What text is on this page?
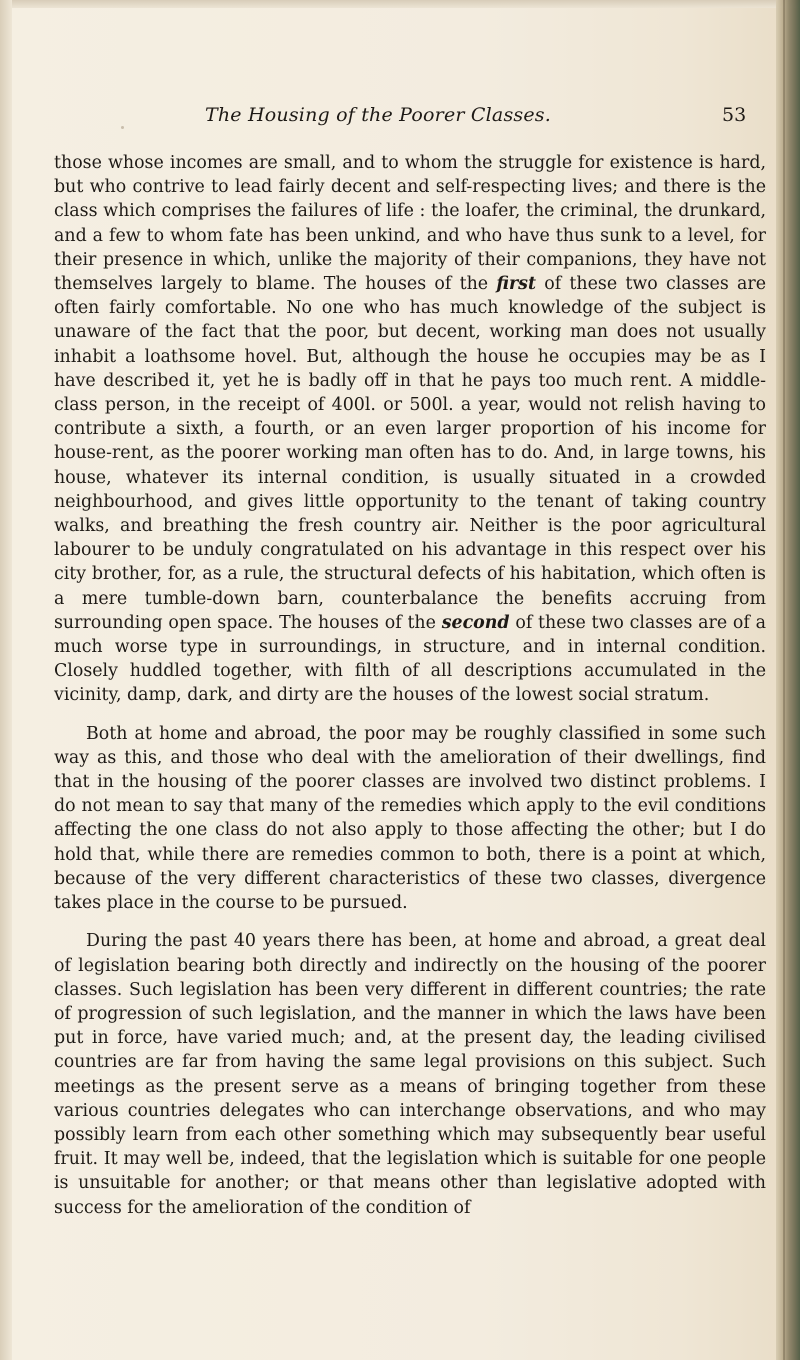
The Housing of the Poorer Classes.	53

those whose incomes are small, and to whom the struggle for existence is hard, but who contrive to lead fairly decent and self-respecting lives; and there is the class which comprises the failures of life : the loafer, the criminal, the drunkard, and a few to whom fate has been unkind, and who have thus sunk to a level, for their presence in which, unlike the majority of their companions, they have not themselves largely to blame. The houses of the first of these two classes are often fairly comfortable. No one who has much knowledge of the subject is unaware of the fact that the poor, but decent, working man does not usually inhabit a loathsome hovel. But, although the house he occupies may be as I have described it, yet he is badly off in that he pays too much rent. A middle-class person, in the receipt of 400l. or 500l. a year, would not relish having to contribute a sixth, a fourth, or an even larger proportion of his income for house-rent, as the poorer working man often has to do. And, in large towns, his house, whatever its internal condition, is usually situated in a crowded neighbourhood, and gives little opportunity to the tenant of taking country walks, and breathing the fresh country air. Neither is the poor agricultural labourer to be unduly congratulated on his advantage in this respect over his city brother, for, as a rule, the structural defects of his habitation, which often is a mere tumble-down barn, counterbalance the benefits accruing from surrounding open space. The houses of the second of these two classes are of a much worse type in surroundings, in structure, and in internal condition. Closely huddled together, with filth of all descriptions accumulated in the vicinity, damp, dark, and dirty are the houses of the lowest social stratum.

Both at home and abroad, the poor may be roughly classified in some such way as this, and those who deal with the amelioration of their dwellings, find that in the housing of the poorer classes are involved two distinct problems. I do not mean to say that many of the remedies which apply to the evil conditions affecting the one class do not also apply to those affecting the other; but I do hold that, while there are remedies common to both, there is a point at which, because of the very different characteristics of these two classes, divergence takes place in the course to be pursued.

During the past 40 years there has been, at home and abroad, a great deal of legislation bearing both directly and indirectly on the housing of the poorer classes. Such legislation has been very different in different countries; the rate of progression of such legislation, and the manner in which the laws have been put in force, have varied much; and, at the present day, the leading civilised countries are far from having the same legal provisions on this subject. Such meetings as the present serve as a means of bringing together from these various countries delegates who can interchange observations, and who may possibly learn from each other something which may subsequently bear useful fruit. It may well be, indeed, that the legislation which is suitable for one people is unsuitable for another; or that means other than legislative adopted with success for the amelioration of the condition of
